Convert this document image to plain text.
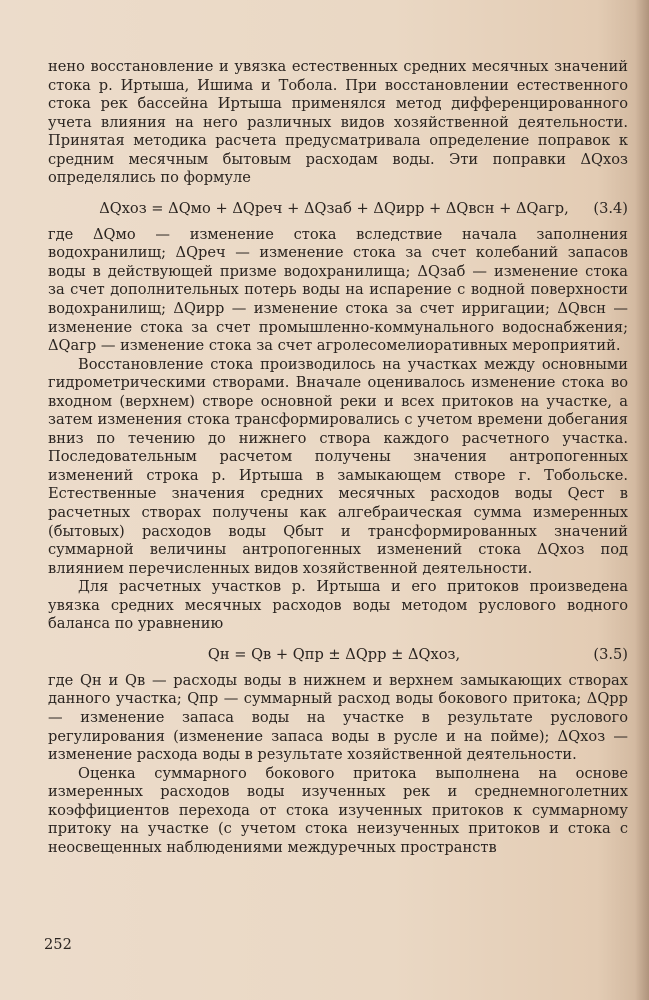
нено восстановление и увязка естественных средних месячных значений стока р. Иртыша, Ишима и Тобола. При восстановлении естественного стока рек бассейна Иртыша применялся метод дифференцированного учета влияния на него различных видов хозяйственной деятельности. Принятая методика расчета предусматривала определение поправок к средним месячным бытовым расходам воды. Эти поправки ΔQхоз определялись по формуле

ΔQхоз = ΔQмо + ΔQреч + ΔQзаб + ΔQирр + ΔQвсн + ΔQагр,	(3.4)

где ΔQмо — изменение стока вследствие начала заполнения водохранилищ; ΔQреч — изменение стока за счет колебаний запасов воды в действующей призме водохранилища; ΔQзаб — изменение стока за счет дополнительных потерь воды на испарение с водной поверхности водохранилищ; ΔQирр — изменение стока за счет ирригации; ΔQвсн — изменение стока за счет промышленно-коммунального водоснабжения; ΔQагр — изменение стока за счет агролесомелиоративных мероприятий.

Восстановление стока производилось на участках между основными гидрометрическими створами. Вначале оценивалось изменение стока во входном (верхнем) створе основной реки и всех притоков на участке, а затем изменения стока трансформировались с учетом времени добегания вниз по течению до нижнего створа каждого расчетного участка. Последовательным расчетом получены значения антропогенных изменений строка р. Иртыша в замыкающем створе г. Тобольске. Естественные значения средних месячных расходов воды Qест в расчетных створах получены как алгебраическая сумма измеренных (бытовых) расходов воды Qбыт и трансформированных значений суммарной величины антропогенных изменений стока ΔQхоз под влиянием перечисленных видов хозяйственной деятельности.

Для расчетных участков р. Иртыша и его притоков произведена увязка средних месячных расходов воды методом руслового водного баланса по уравнению

Qн = Qв + Qпр ± ΔQрр ± ΔQхоз,	(3.5)

где Qн и Qв — расходы воды в нижнем и верхнем замыкающих створах данного участка; Qпр — суммарный расход воды бокового притока; ΔQрр — изменение запаса воды на участке в результате руслового регулирования (изменение запаса воды в русле и на пойме); ΔQхоз — изменение расхода воды в результате хозяйственной деятельности.

Оценка суммарного бокового притока выполнена на основе измеренных расходов воды изученных рек и среднемноголетних коэффициентов перехода от стока изученных притоков к суммарному притоку на участке (с учетом стока неизученных притоков и стока с неосвещенных наблюдениями междуречных пространств

252
